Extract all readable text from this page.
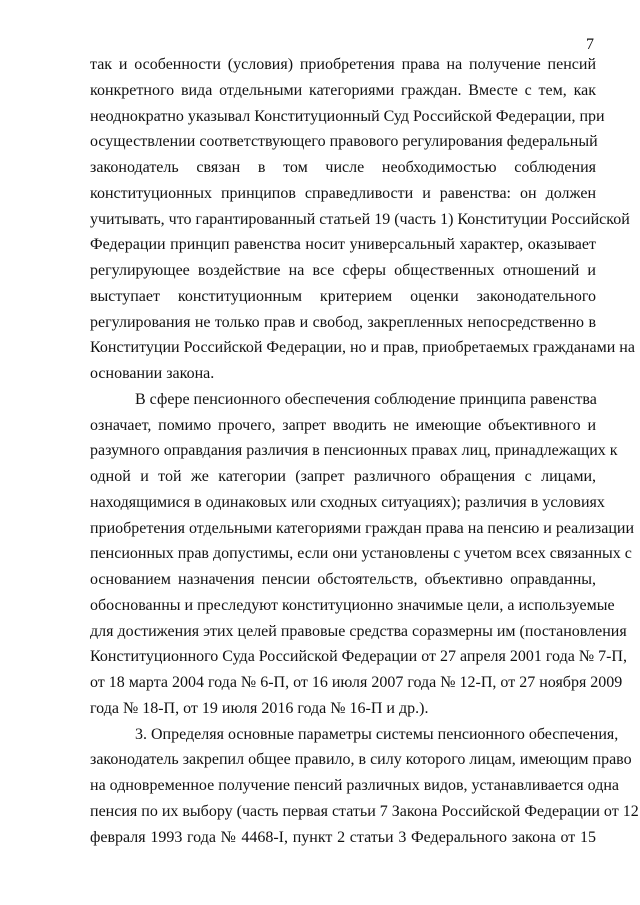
7
так и особенности (условия) приобретения права на получение пенсий
конкретного вида отдельными категориями граждан. Вместе с тем, как
неоднократно указывал Конституционный Суд Российской Федерации, при
осуществлении соответствующего правового регулирования федеральный
законодатель связан в том числе необходимостью соблюдения
конституционных принципов справедливости и равенства: он должен
учитывать, что гарантированный статьей 19 (часть 1) Конституции Российской
Федерации принцип равенства носит универсальный характер, оказывает
регулирующее воздействие на все сферы общественных отношений и
выступает конституционным критерием оценки законодательного
регулирования не только прав и свобод, закрепленных непосредственно в
Конституции Российской Федерации, но и прав, приобретаемых гражданами на
основании закона.
В сфере пенсионного обеспечения соблюдение принципа равенства
означает, помимо прочего, запрет вводить не имеющие объективного и
разумного оправдания различия в пенсионных правах лиц, принадлежащих к
одной и той же категории (запрет различного обращения с лицами,
находящимися в одинаковых или сходных ситуациях); различия в условиях
приобретения отдельными категориями граждан права на пенсию и реализации
пенсионных прав допустимы, если они установлены с учетом всех связанных с
основанием назначения пенсии обстоятельств, объективно оправданны,
обоснованны и преследуют конституционно значимые цели, а используемые
для достижения этих целей правовые средства соразмерны им (постановления
Конституционного Суда Российской Федерации от 27 апреля 2001 года № 7-П,
от 18 марта 2004 года № 6-П, от 16 июля 2007 года № 12-П, от 27 ноября 2009
года № 18-П, от 19 июля 2016 года № 16-П и др.).
3. Определяя основные параметры системы пенсионного обеспечения,
законодатель закрепил общее правило, в силу которого лицам, имеющим право
на одновременное получение пенсий различных видов, устанавливается одна
пенсия по их выбору (часть первая статьи 7 Закона Российской Федерации от 12
февраля 1993 года № 4468-I, пункт 2 статьи 3 Федерального закона от 15
